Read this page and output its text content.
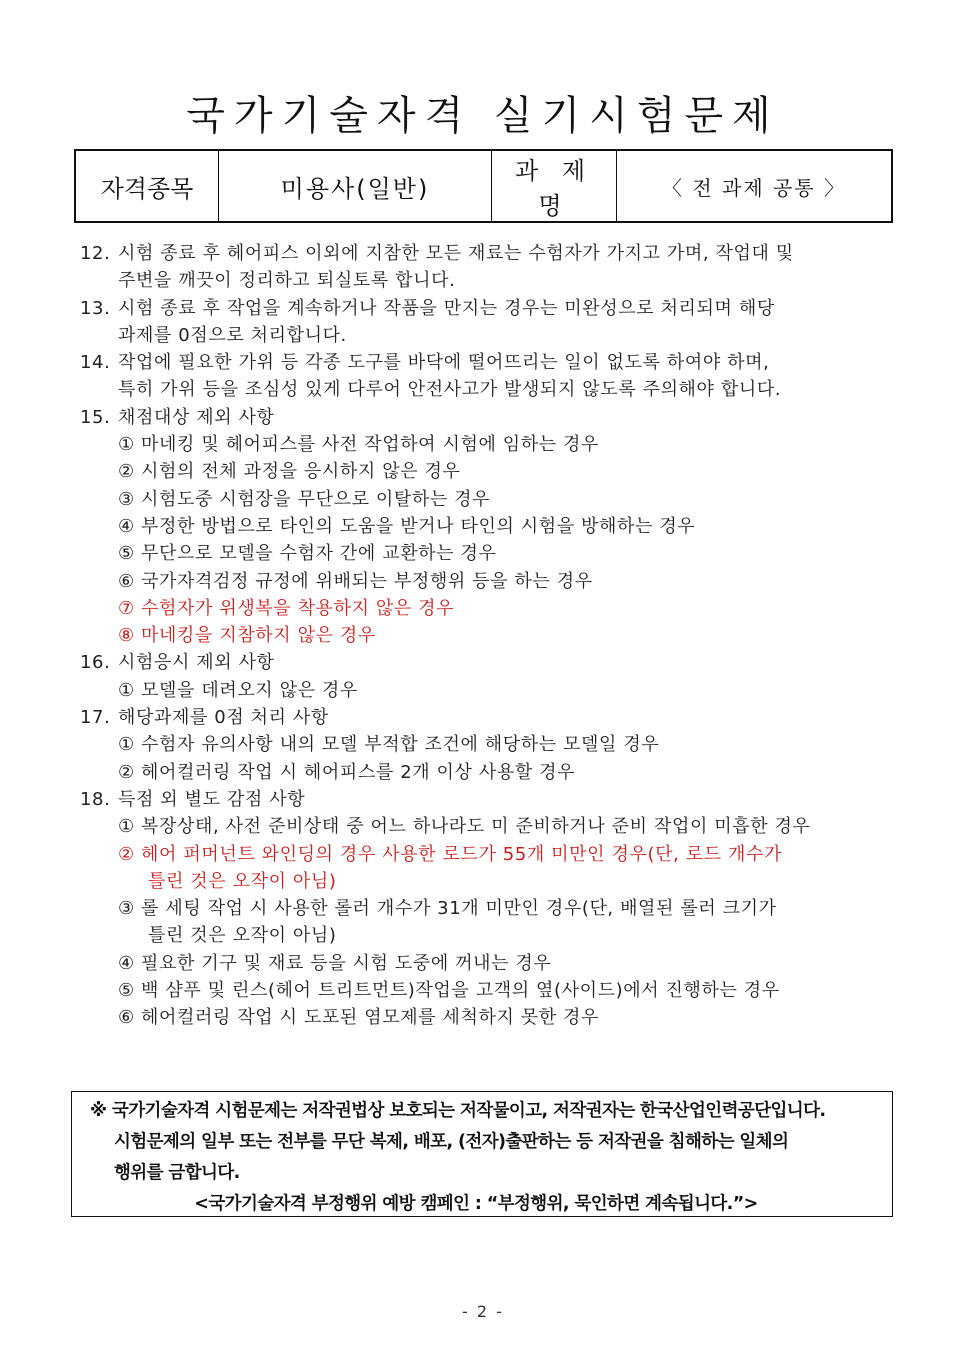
국가기술자격 실기시험문제
자격종목	미용사(일반)	과 제 명	〈 전 과제 공통 〉
12. 시험 종료 후 헤어피스 이외에 지참한 모든 재료는 수험자가 가지고 가며, 작업대 및
주변을 깨끗이 정리하고 퇴실토록 합니다.
13. 시험 종료 후 작업을 계속하거나 작품을 만지는 경우는 미완성으로 처리되며 해당
과제를 0점으로 처리합니다.
14. 작업에 필요한 가위 등 각종 도구를 바닥에 떨어뜨리는 일이 없도록 하여야 하며,
특히 가위 등을 조심성 있게 다루어 안전사고가 발생되지 않도록 주의해야 합니다.
15. 채점대상 제외 사항
① 마네킹 및 헤어피스를 사전 작업하여 시험에 임하는 경우
② 시험의 전체 과정을 응시하지 않은 경우
③ 시험도중 시험장을 무단으로 이탈하는 경우
④ 부정한 방법으로 타인의 도움을 받거나 타인의 시험을 방해하는 경우
⑤ 무단으로 모델을 수험자 간에 교환하는 경우
⑥ 국가자격검정 규정에 위배되는 부정행위 등을 하는 경우
⑦ 수험자가 위생복을 착용하지 않은 경우
⑧ 마네킹을 지참하지 않은 경우
16. 시험응시 제외 사항
① 모델을 데려오지 않은 경우
17. 해당과제를 0점 처리 사항
① 수험자 유의사항 내의 모델 부적합 조건에 해당하는 모델일 경우
② 헤어컬러링 작업 시 헤어피스를 2개 이상 사용할 경우
18. 득점 외 별도 감점 사항
① 복장상태, 사전 준비상태 중 어느 하나라도 미 준비하거나 준비 작업이 미흡한 경우
② 헤어 퍼머넌트 와인딩의 경우 사용한 로드가 55개 미만인 경우(단, 로드 개수가
틀린 것은 오작이 아님)
③ 롤 세팅 작업 시 사용한 롤러 개수가 31개 미만인 경우(단, 배열된 롤러 크기가
틀린 것은 오작이 아님)
④ 필요한 기구 및 재료 등을 시험 도중에 꺼내는 경우
⑤ 백 샴푸 및 린스(헤어 트리트먼트)작업을 고객의 옆(사이드)에서 진행하는 경우
⑥ 헤어컬러링 작업 시 도포된 염모제를 세척하지 못한 경우
※ 국가기술자격 시험문제는 저작권법상 보호되는 저작물이고, 저작권자는 한국산업인력공단입니다.
시험문제의 일부 또는 전부를 무단 복제, 배포, (전자)출판하는 등 저작권을 침해하는 일체의
행위를 금합니다.
<국가기술자격 부정행위 예방 캠페인 : “부정행위, 묵인하면 계속됩니다.”>
- 2 -
